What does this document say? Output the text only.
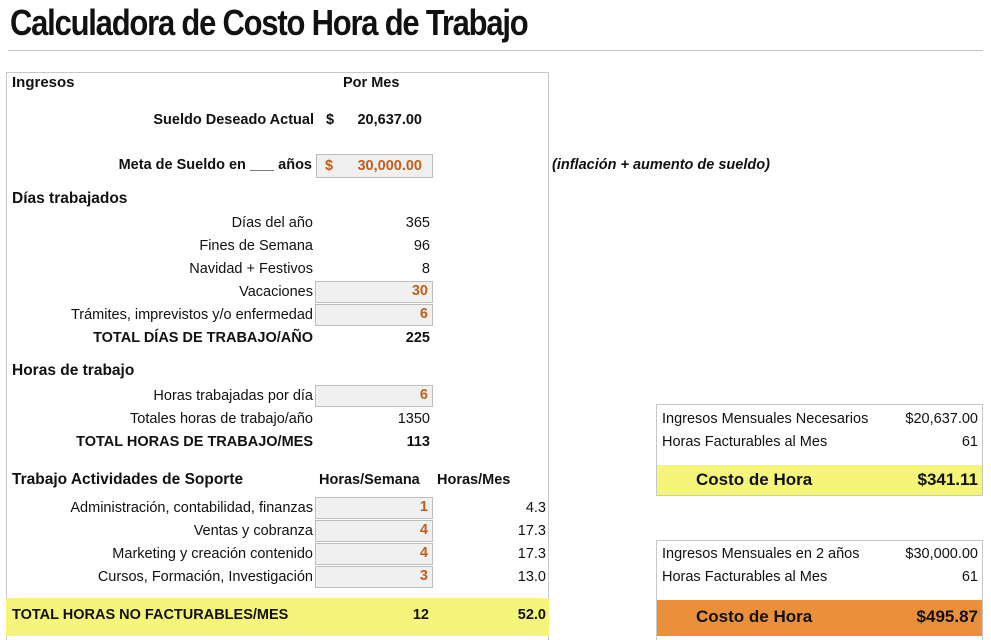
Calculadora de Costo Hora de Trabajo
Ingresos	Por Mes
Sueldo Deseado Actual $	20,637.00
Meta de Sueldo en ___ años $ 30,000.00	(inflación + aumento de sueldo)
Días trabajados
Días del año	365
Fines de Semana	96
Navidad + Festivos	8
Vacaciones	30
Trámites, imprevistos y/o enfermedad	6
TOTAL DÍAS DE TRABAJO/AÑO	225
Horas de trabajo
Horas trabajadas por día	6
Totales horas de trabajo/año	1350
TOTAL HORAS DE TRABAJO/MES	113
Trabajo Actividades de Soporte	Horas/Semana Horas/Mes
Administración, contabilidad, finanzas	1	4.3
Ventas y cobranza	4	17.3
Marketing y creación contenido	4	17.3
Cursos, Formación, Investigación	3	13.0
TOTAL HORAS NO FACTURABLES/MES	12	52.0
Ingresos Mensuales Necesarios	$20,637.00
Horas Facturables al Mes	61
Costo de Hora	$341.11
Ingresos Mensuales en 2 años	$30,000.00
Horas Facturables al Mes	61
Costo de Hora	$495.87
